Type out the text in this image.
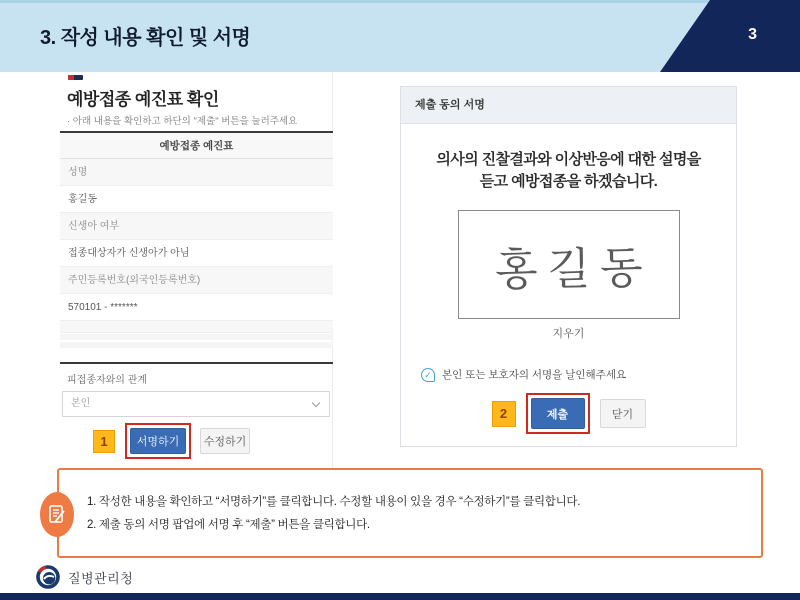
3. 작성 내용 확인 및 서명	3
예방접종 예진표 확인
· 아래 내용을 확인하고 하단의 "제출" 버튼을 눌러주세요
예방접종 예진표
성명
홍길동
신생아 여부
접종대상자가 신생아가 아님
주민등록번호(외국인등록번호)
570101 - *******
피접종자와의 관계
본인
1	서명하기	수정하기
제출 동의 서명
의사의 진찰결과와 이상반응에 대한 설명을
듣고 예방접종을 하겠습니다.
홍길동
지우기
✓ 본인 또는 보호자의 서명을 날인해주세요
2	제출	닫기
1. 작성한 내용을 확인하고 “서명하기”를 클릭합니다. 수정할 내용이 있을 경우 “수정하기”를 클릭합니다.
2. 제출 동의 서명 팝업에 서명 후 “제출” 버튼을 클릭합니다.
질병관리청
